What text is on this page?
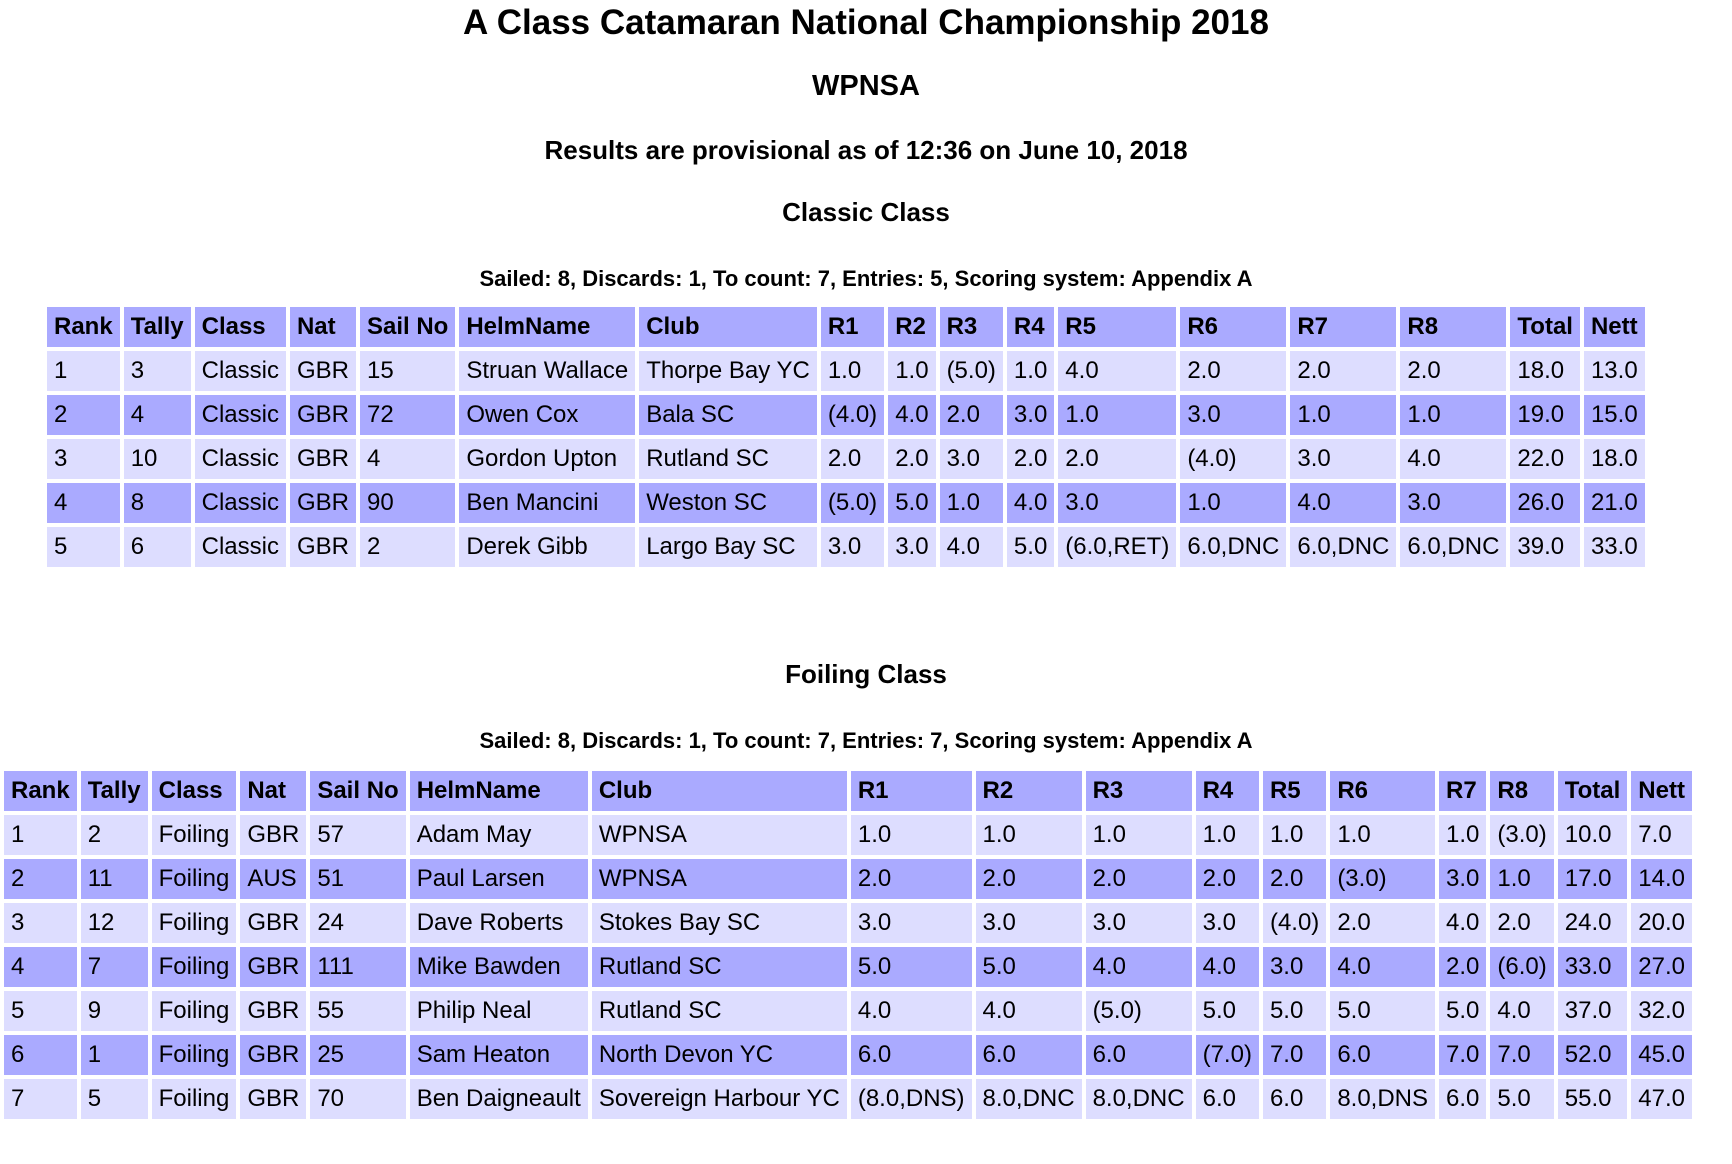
A Class Catamaran National Championship 2018
WPNSA
Results are provisional as of 12:36 on June 10, 2018
Classic Class
Sailed: 8, Discards: 1, To count: 7, Entries: 5, Scoring system: Appendix A
Rank	Tally	Class	Nat	Sail No	HelmName	Club	R1	R2	R3	R4	R5	R6	R7	R8	Total	Nett
1	3	Classic	GBR	15	Struan Wallace	Thorpe Bay YC	1.0	1.0	(5.0)	1.0	4.0	2.0	2.0	2.0	18.0	13.0
2	4	Classic	GBR	72	Owen Cox	Bala SC	(4.0)	4.0	2.0	3.0	1.0	3.0	1.0	1.0	19.0	15.0
3	10	Classic	GBR	4	Gordon Upton	Rutland SC	2.0	2.0	3.0	2.0	2.0	(4.0)	3.0	4.0	22.0	18.0
4	8	Classic	GBR	90	Ben Mancini	Weston SC	(5.0)	5.0	1.0	4.0	3.0	1.0	4.0	3.0	26.0	21.0
5	6	Classic	GBR	2	Derek Gibb	Largo Bay SC	3.0	3.0	4.0	5.0	(6.0,RET)	6.0,DNC	6.0,DNC	6.0,DNC	39.0	33.0
Foiling Class
Sailed: 8, Discards: 1, To count: 7, Entries: 7, Scoring system: Appendix A
Rank	Tally	Class	Nat	Sail No	HelmName	Club	R1	R2	R3	R4	R5	R6	R7	R8	Total	Nett
1	2	Foiling	GBR	57	Adam May	WPNSA	1.0	1.0	1.0	1.0	1.0	1.0	1.0	(3.0)	10.0	7.0
2	11	Foiling	AUS	51	Paul Larsen	WPNSA	2.0	2.0	2.0	2.0	2.0	(3.0)	3.0	1.0	17.0	14.0
3	12	Foiling	GBR	24	Dave Roberts	Stokes Bay SC	3.0	3.0	3.0	3.0	(4.0)	2.0	4.0	2.0	24.0	20.0
4	7	Foiling	GBR	111	Mike Bawden	Rutland SC	5.0	5.0	4.0	4.0	3.0	4.0	2.0	(6.0)	33.0	27.0
5	9	Foiling	GBR	55	Philip Neal	Rutland SC	4.0	4.0	(5.0)	5.0	5.0	5.0	5.0	4.0	37.0	32.0
6	1	Foiling	GBR	25	Sam Heaton	North Devon YC	6.0	6.0	6.0	(7.0)	7.0	6.0	7.0	7.0	52.0	45.0
7	5	Foiling	GBR	70	Ben Daigneault	Sovereign Harbour YC	(8.0,DNS)	8.0,DNC	8.0,DNC	6.0	6.0	8.0,DNS	6.0	5.0	55.0	47.0
